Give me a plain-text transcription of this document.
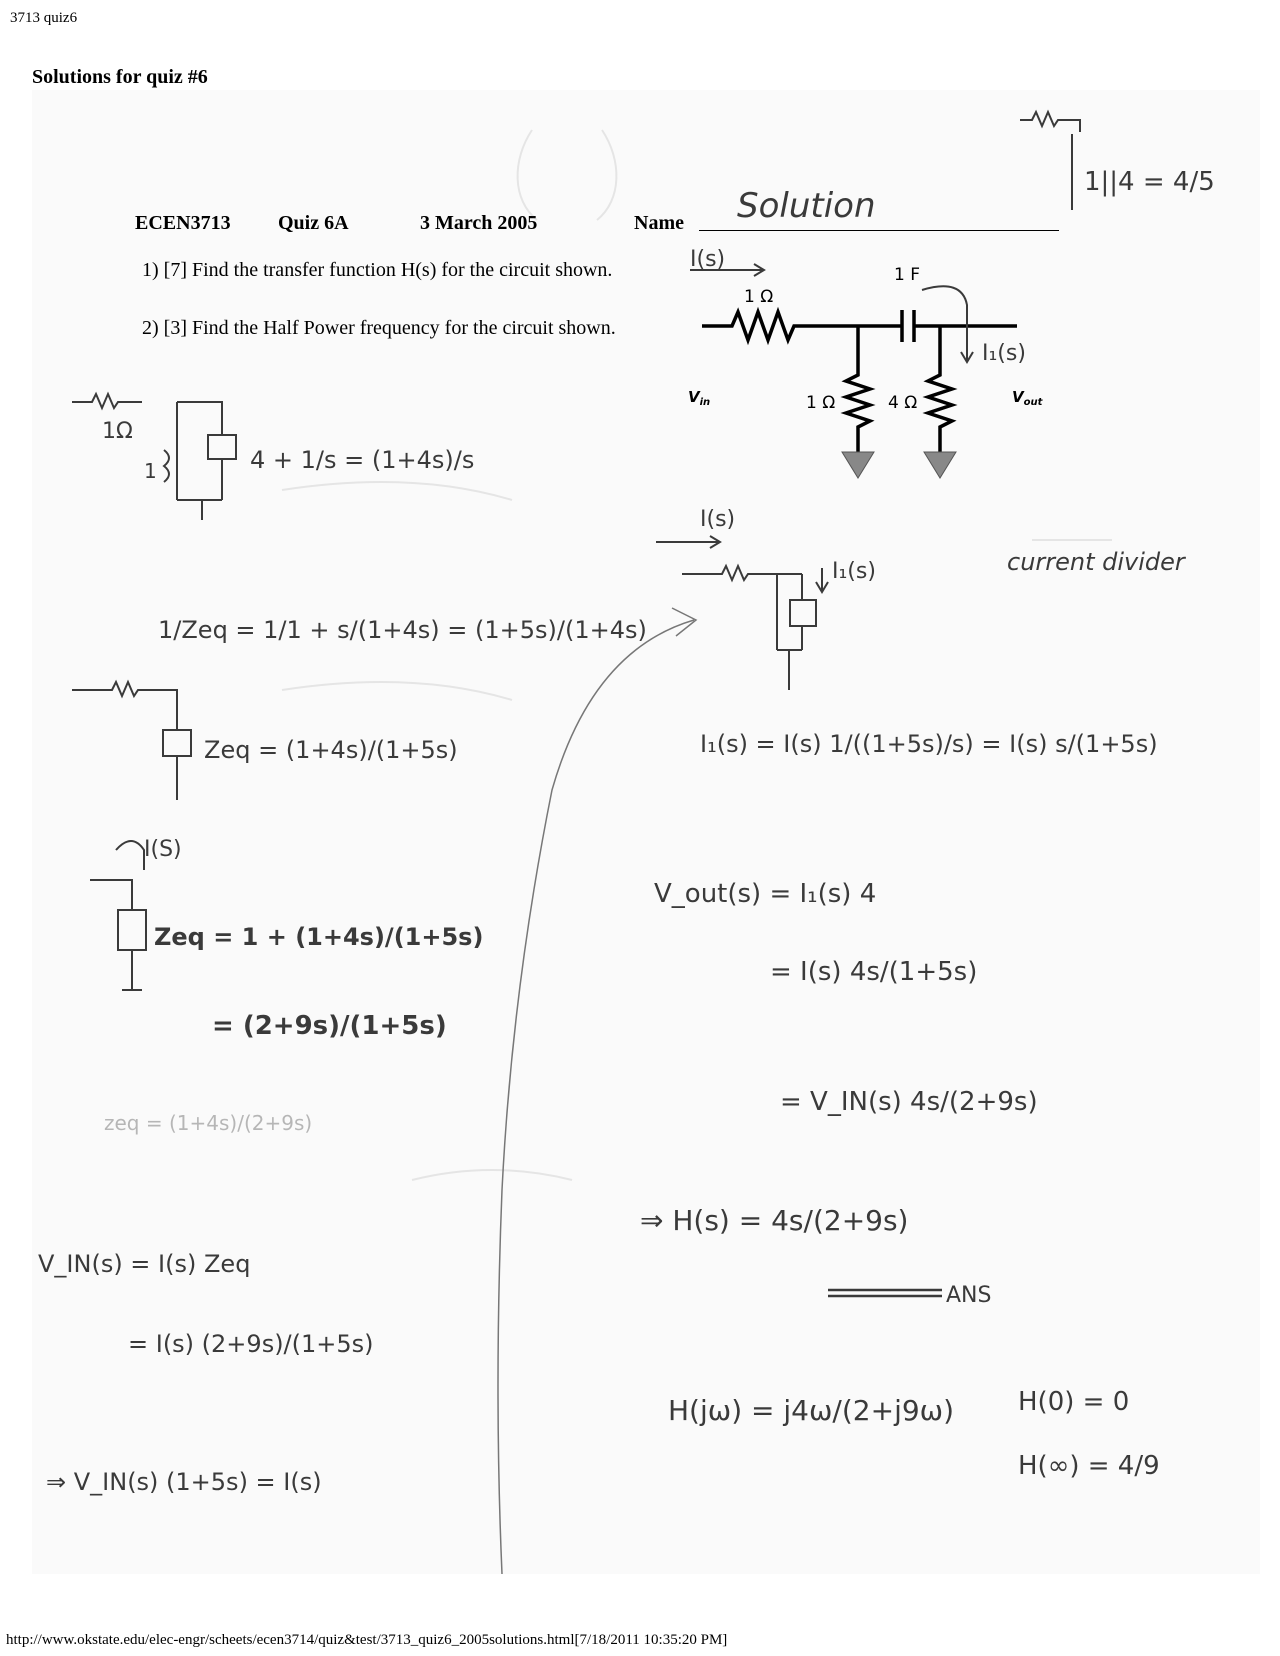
3713 quiz6
Solutions for quiz #6
ECEN3713 Quiz 6A	3 March 2005	Name Solution
1) [7] Find the transfer function H(s) for the circuit shown.
2) [3] Find the Half Power frequency for the circuit shown.
1 Ω
1 F
1 Ω	4 Ω
$V_{in}$	$V_{out}$
I(s)
I₁(s)
1||4 = 4/5
1Ω
1	4 + 1/s = (1+4s)/s
1/Zeq = 1/1 + s/(1+4s) = (1+5s)/(1+4s)
Zeq = (1+4s)/(1+5s)
I(S)
Zeq = 1 + (1+4s)/(1+5s)
= (2+9s)/(1+5s)
zeq = (1+4s)/(2+9s)
V_IN(s) = I(s) Zeq
= I(s) (2+9s)/(1+5s)
⇒ V_IN(s) (1+5s) = I(s)
I(s)
I₁(s)	current divider
I₁(s) = I(s) 1/((1+5s)/s) = I(s) s/(1+5s)
V_out(s) = I₁(s) 4
= I(s) 4s/(1+5s)
= V_IN(s) 4s/(2+9s)
⇒ H(s) = 4s/(2+9s)
ANS
H(jω) = j4ω/(2+j9ω) H(0) = 0
H(∞) = 4/9
http://www.okstate.edu/elec-engr/scheets/ecen3714/quiz&test/3713_quiz6_2005solutions.html[7/18/2011 10:35:20 PM]
